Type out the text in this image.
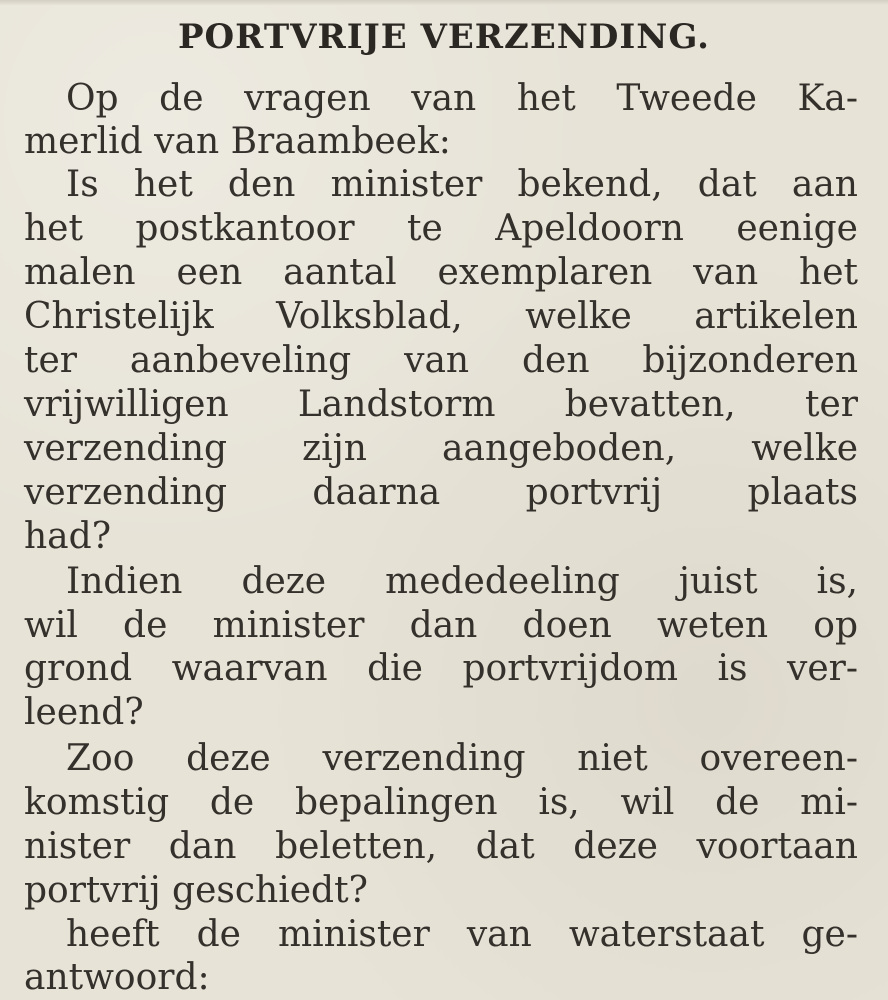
PORTVRIJE VERZENDING.
Op de vragen van het Tweede Ka-
merlid van Braambeek:
Is het den minister bekend, dat aan
het postkantoor te Apeldoorn eenige
malen een aantal exemplaren van het
Christelijk Volksblad, welke artikelen
ter aanbeveling van den bijzonderen
vrijwilligen Landstorm bevatten, ter
verzending zijn aangeboden, welke
verzending daarna portvrij plaats
had?
Indien deze mededeeling juist is,
wil de minister dan doen weten op
grond waarvan die portvrijdom is ver-
leend?
Zoo deze verzending niet overeen-
komstig de bepalingen is, wil de mi-
nister dan beletten, dat deze voortaan
portvrij geschiedt?
heeft de minister van waterstaat ge-
antwoord:
